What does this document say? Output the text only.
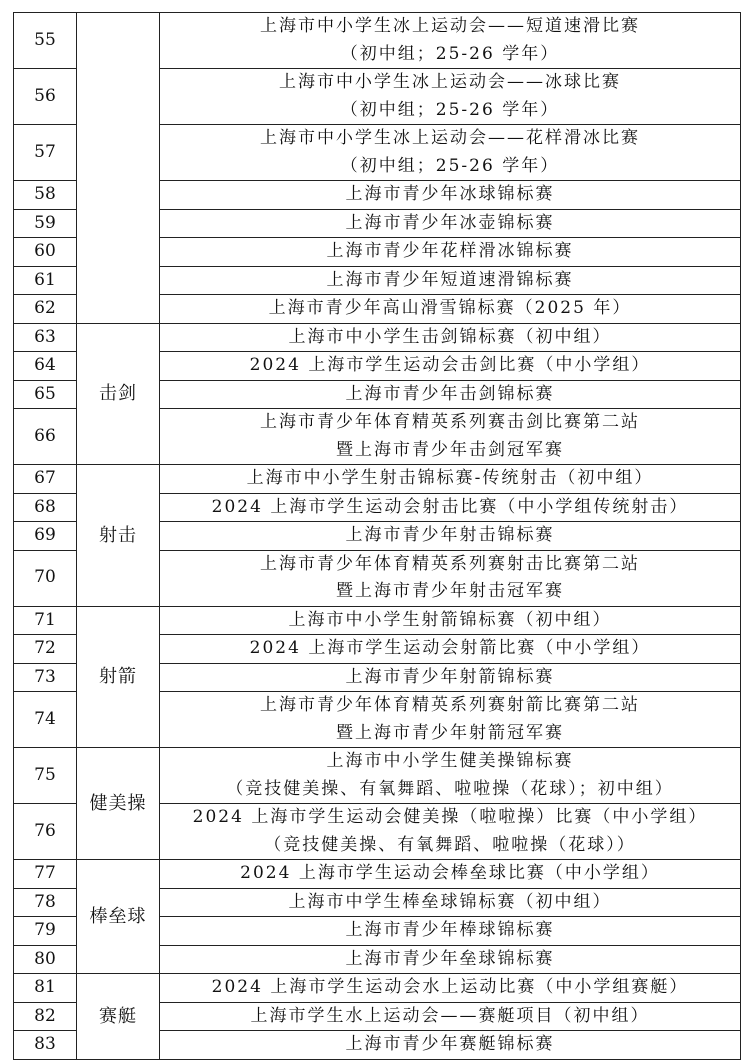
55		上海市中小学生冰上运动会——短道速滑比赛
（初中组；25-26 学年）

56		上海市中小学生冰上运动会——冰球比赛
（初中组；25-26 学年）

57		上海市中小学生冰上运动会——花样滑冰比赛
（初中组；25-26 学年）

58		上海市青少年冰球锦标赛
59		上海市青少年冰壶锦标赛
60		上海市青少年花样滑冰锦标赛
61		上海市青少年短道速滑锦标赛
62		上海市青少年高山滑雪锦标赛（2025 年）
63	击剑	上海市中小学生击剑锦标赛（初中组）
64		2024 上海市学生运动会击剑比赛（中小学组）
65		上海市青少年击剑锦标赛
66		上海市青少年体育精英系列赛击剑比赛第二站
暨上海市青少年击剑冠军赛

67	射击	上海市中小学生射击锦标赛-传统射击（初中组）
68		2024 上海市学生运动会射击比赛（中小学组传统射击）
69		上海市青少年射击锦标赛
70		上海市青少年体育精英系列赛射击比赛第二站
暨上海市青少年射击冠军赛

71	射箭	上海市中小学生射箭锦标赛（初中组）
72		2024 上海市学生运动会射箭比赛（中小学组）
73		上海市青少年射箭锦标赛
74		上海市青少年体育精英系列赛射箭比赛第二站
暨上海市青少年射箭冠军赛

75	健美操	上海市中小学生健美操锦标赛
（竞技健美操、有氧舞蹈、啦啦操（花球）；初中组）

76		2024 上海市学生运动会健美操（啦啦操）比赛（中小学组）
（竞技健美操、有氧舞蹈、啦啦操（花球））

77	棒垒球	2024 上海市学生运动会棒垒球比赛（中小学组）
78		上海市中学生棒垒球锦标赛（初中组）
79		上海市青少年棒球锦标赛
80		上海市青少年垒球锦标赛
81	赛艇	2024 上海市学生运动会水上运动比赛（中小学组赛艇）
82		上海市学生水上运动会——赛艇项目（初中组）
83		上海市青少年赛艇锦标赛
